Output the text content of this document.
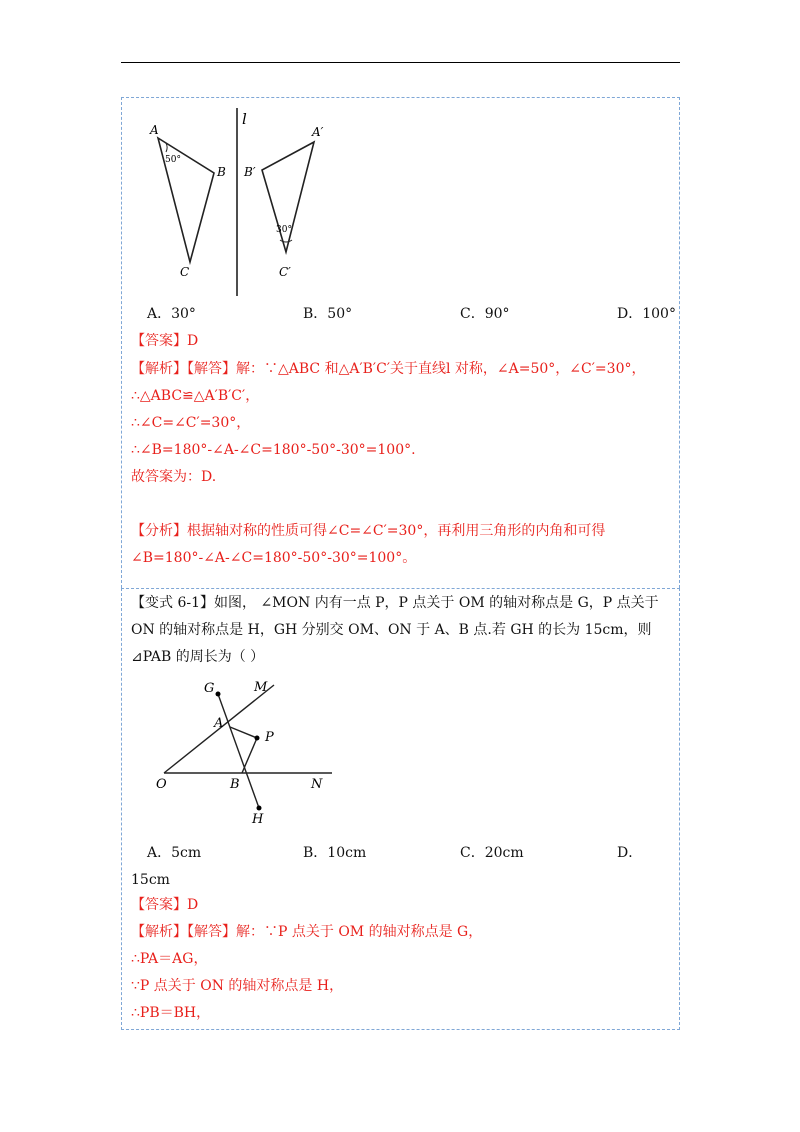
l
A
B
C
50°
A′
B′
C′
30°
A．30°	B．50°	C．90°	D．100°
【答案】D
【解析】【解答】解：∵△ABC 和△A′B′C′关于直线l 对称，∠A=50°，∠C′=30°，
∴△ABC≌△A′B′C′，
∴∠C=∠C′=30°，
∴∠B=180°-∠A-∠C=180°-50°-30°=100°.
故答案为：D.
【分析】根据轴对称的性质可得∠C=∠C′=30°，再利用三角形的内角和可得
∠B=180°-∠A-∠C=180°-50°-30°=100°。
【变式 6-1】如图， ∠MON 内有一点 P，P 点关于 OM 的轴对称点是 G，P 点关于
ON 的轴对称点是 H，GH 分别交 OM、ON 于 A、B 点.若 GH 的长为 15cm，则
⊿PAB 的周长为（ ）
G	M
A
P
O	B	N
H
A．5cm	B．10cm	C．20cm	D．
15cm
【答案】D
【解析】【解答】解：∵P 点关于 OM 的轴对称点是 G，
∴PA＝AG，
∵P 点关于 ON 的轴对称点是 H，
∴PB＝BH，
